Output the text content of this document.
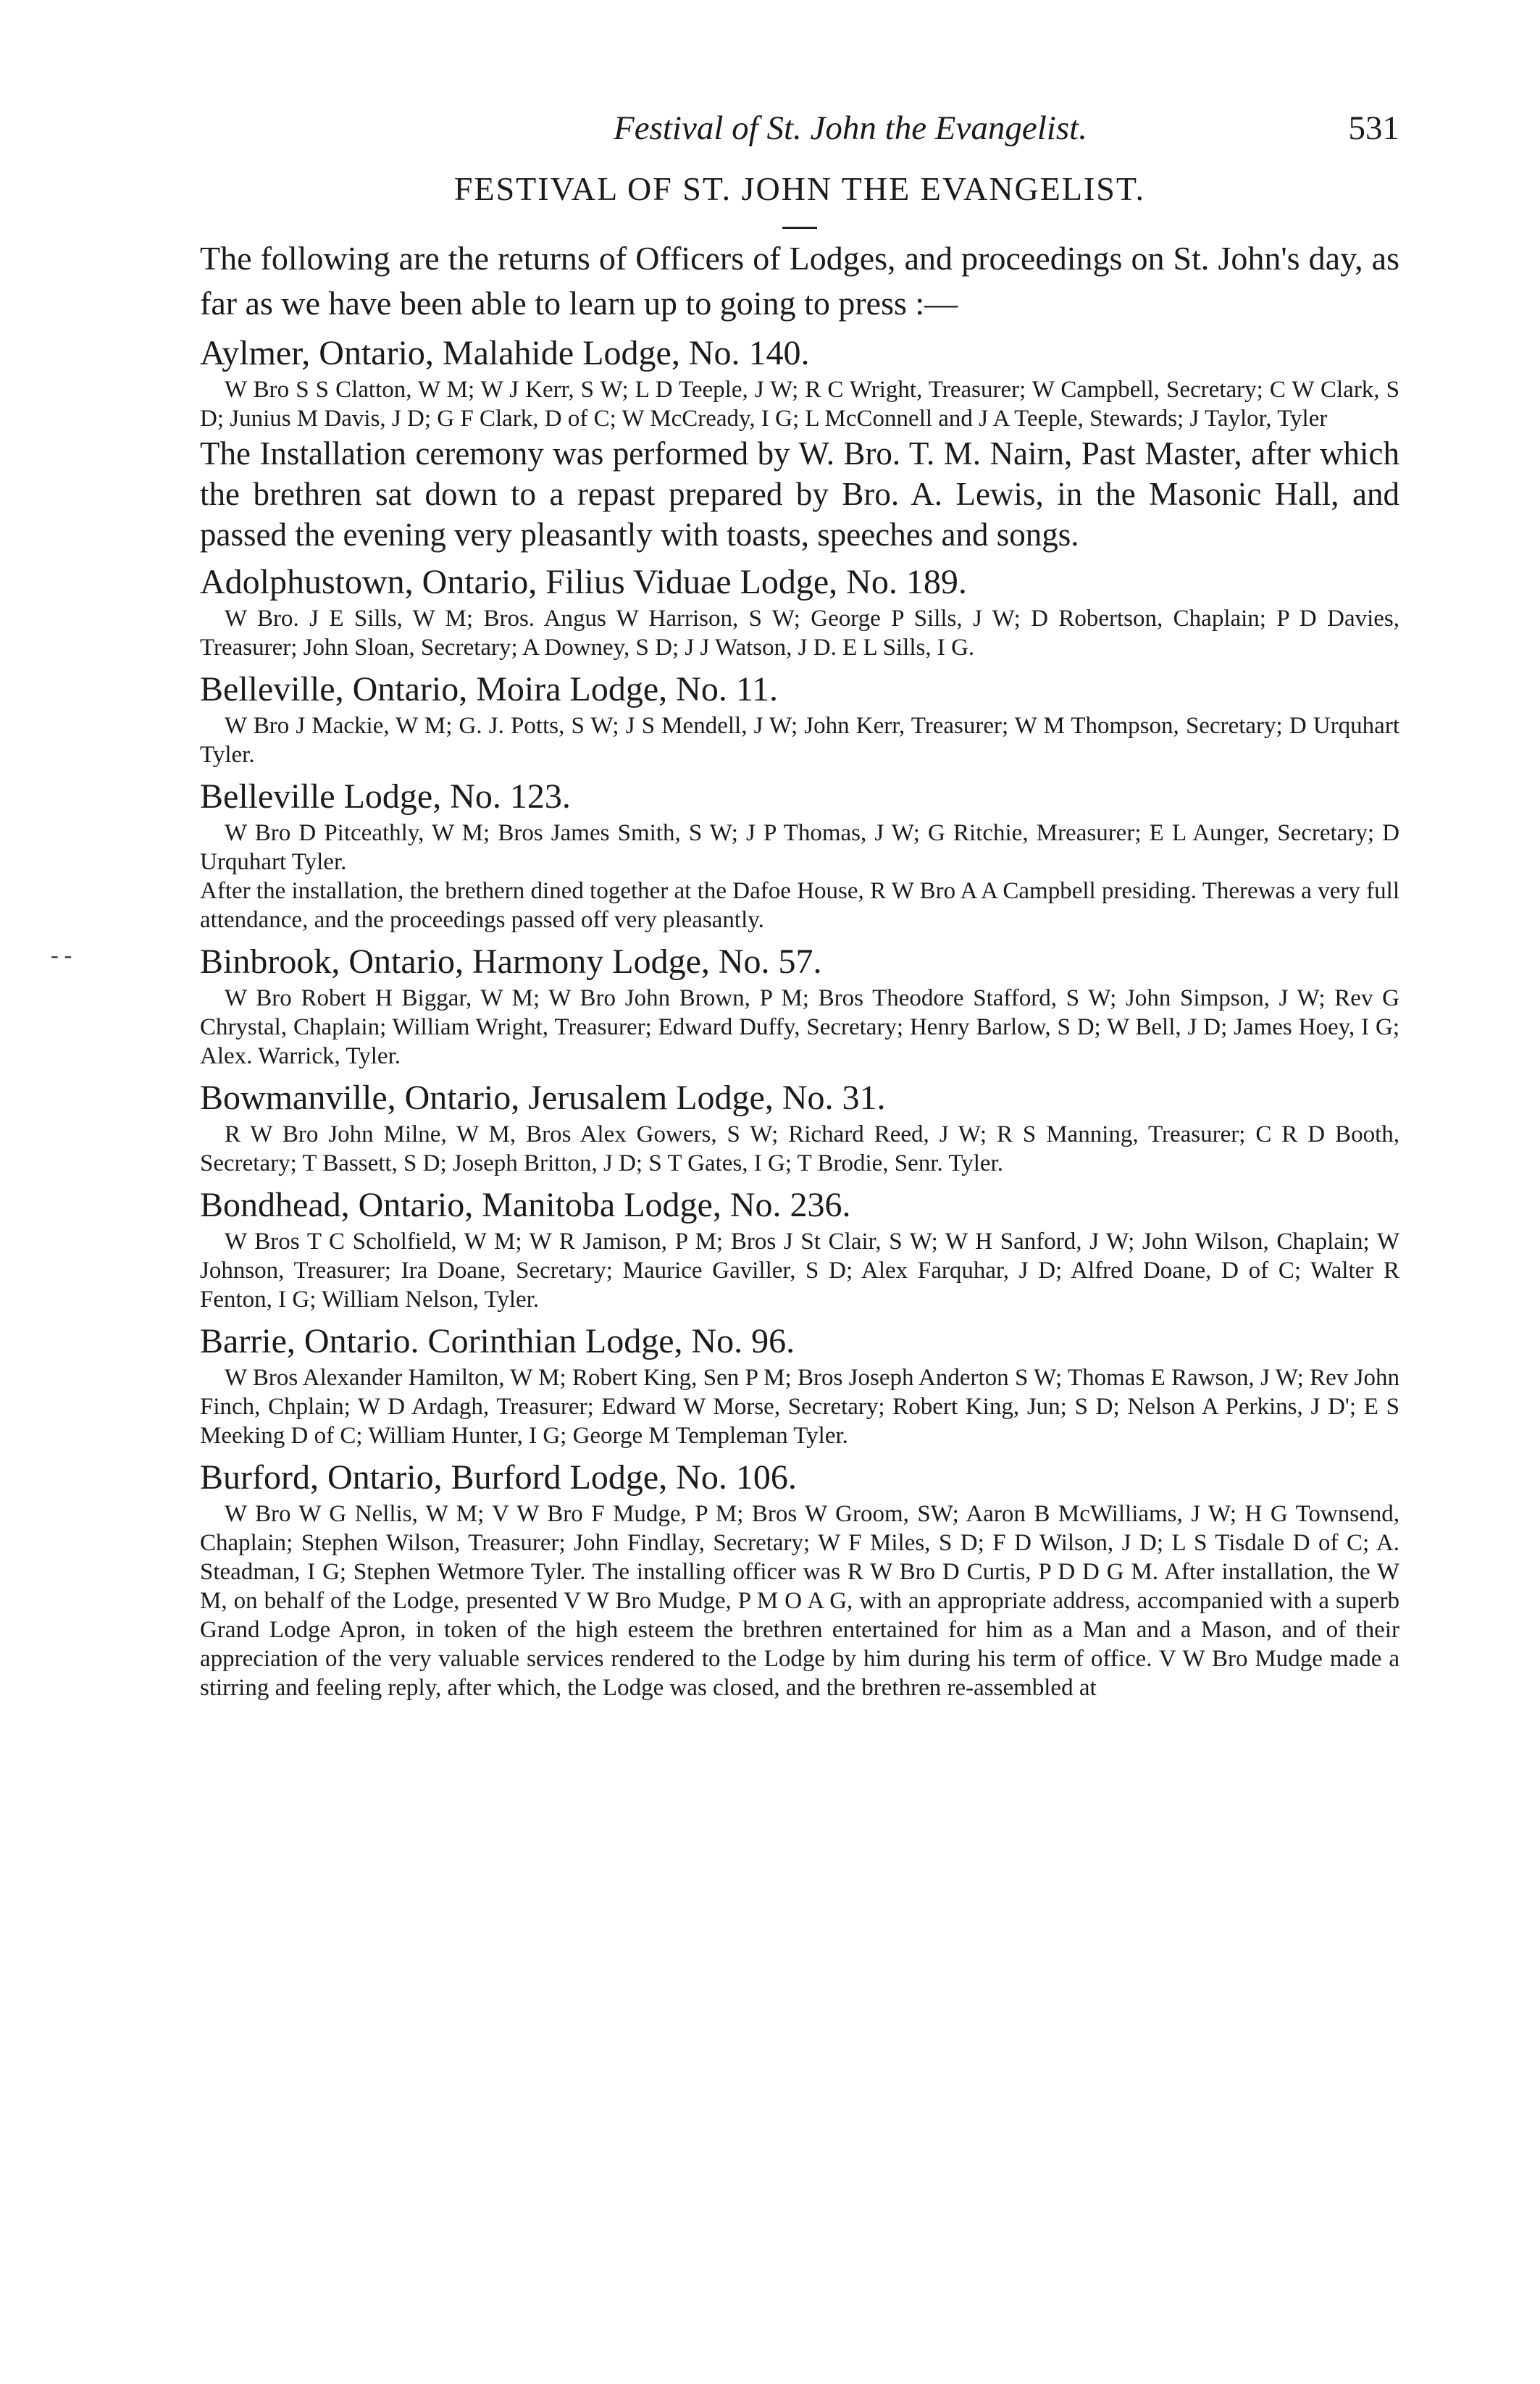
- -
Festival of St. John the Evangelist.	531
FESTIVAL OF ST. JOHN THE EVANGELIST.

The following are the returns of Officers of Lodges, and proceedings on St. John's day, as far as we have been able to learn up to going to press :—

Aylmer, Ontario, Malahide Lodge, No. 140.
W Bro S S Clatton, W M; W J Kerr, S W; L D Teeple, J W; R C Wright, Treasurer; W Campbell, Secretary; C W Clark, S D; Junius M Davis, J D; G F Clark, D of C; W McCready, I G; L McConnell and J A Teeple, Stewards; J Taylor, Tyler
The Installation ceremony was performed by W. Bro. T. M. Nairn, Past Master, after which the brethren sat down to a repast prepared by Bro. A. Lewis, in the Masonic Hall, and passed the evening very pleasantly with toasts, speeches and songs.
Adolphustown, Ontario, Filius Viduae Lodge, No. 189.
W Bro. J E Sills, W M; Bros. Angus W Harrison, S W; George P Sills, J W; D Robertson, Chaplain; P D Davies, Treasurer; John Sloan, Secretary; A Downey, S D; J J Watson, J D. E L Sills, I G.
Belleville, Ontario, Moira Lodge, No. 11.
W Bro J Mackie, W M; G. J. Potts, S W; J S Mendell, J W; John Kerr, Treasurer; W M Thompson, Secretary; D Urquhart Tyler.
Belleville Lodge, No. 123.
W Bro D Pitceathly, W M; Bros James Smith, S W; J P Thomas, J W; G Ritchie, Mreasurer; E L Aunger, Secretary; D Urquhart Tyler.
After the installation, the brethern dined together at the Dafoe House, R W Bro A A Campbell presiding. Therewas a very full attendance, and the proceedings passed off very pleasantly.
Binbrook, Ontario, Harmony Lodge, No. 57.
W Bro Robert H Biggar, W M; W Bro John Brown, P M; Bros Theodore Stafford, S W; John Simpson, J W; Rev G Chrystal, Chaplain; William Wright, Treasurer; Edward Duffy, Secretary; Henry Barlow, S D; W Bell, J D; James Hoey, I G; Alex. Warrick, Tyler.
Bowmanville, Ontario, Jerusalem Lodge, No. 31.
R W Bro John Milne, W M, Bros Alex Gowers, S W; Richard Reed, J W; R S Manning, Treasurer; C R D Booth, Secretary; T Bassett, S D; Joseph Britton, J D; S T Gates, I G; T Brodie, Senr. Tyler.
Bondhead, Ontario, Manitoba Lodge, No. 236.
W Bros T C Scholfield, W M; W R Jamison, P M; Bros J St Clair, S W; W H Sanford, J W; John Wilson, Chaplain; W Johnson, Treasurer; Ira Doane, Secretary; Maurice Gaviller, S D; Alex Farquhar, J D; Alfred Doane, D of C; Walter R Fenton, I G; William Nelson, Tyler.
Barrie, Ontario. Corinthian Lodge, No. 96.
W Bros Alexander Hamilton, W M; Robert King, Sen P M; Bros Joseph Anderton S W; Thomas E Rawson, J W; Rev John Finch, Chplain; W D Ardagh, Treasurer; Edward W Morse, Secretary; Robert King, Jun; S D; Nelson A Perkins, J D'; E S Meeking D of C; William Hunter, I G; George M Templeman Tyler.
Burford, Ontario, Burford Lodge, No. 106.
W Bro W G Nellis, W M; V W Bro F Mudge, P M; Bros W Groom, SW; Aaron B McWilliams, J W; H G Townsend, Chaplain; Stephen Wilson, Treasurer; John Findlay, Secretary; W F Miles, S D; F D Wilson, J D; L S Tisdale D of C; A. Steadman, I G; Stephen Wetmore Tyler. The installing officer was R W Bro D Curtis, P D D G M. After installation, the W M, on behalf of the Lodge, presented V W Bro Mudge, P M O A G, with an appropriate address, accompanied with a superb Grand Lodge Apron, in token of the high esteem the brethren entertained for him as a Man and a Mason, and of their appreciation of the very valuable services rendered to the Lodge by him during his term of office. V W Bro Mudge made a stirring and feeling reply, after which, the Lodge was closed, and the brethren re-assembled at
